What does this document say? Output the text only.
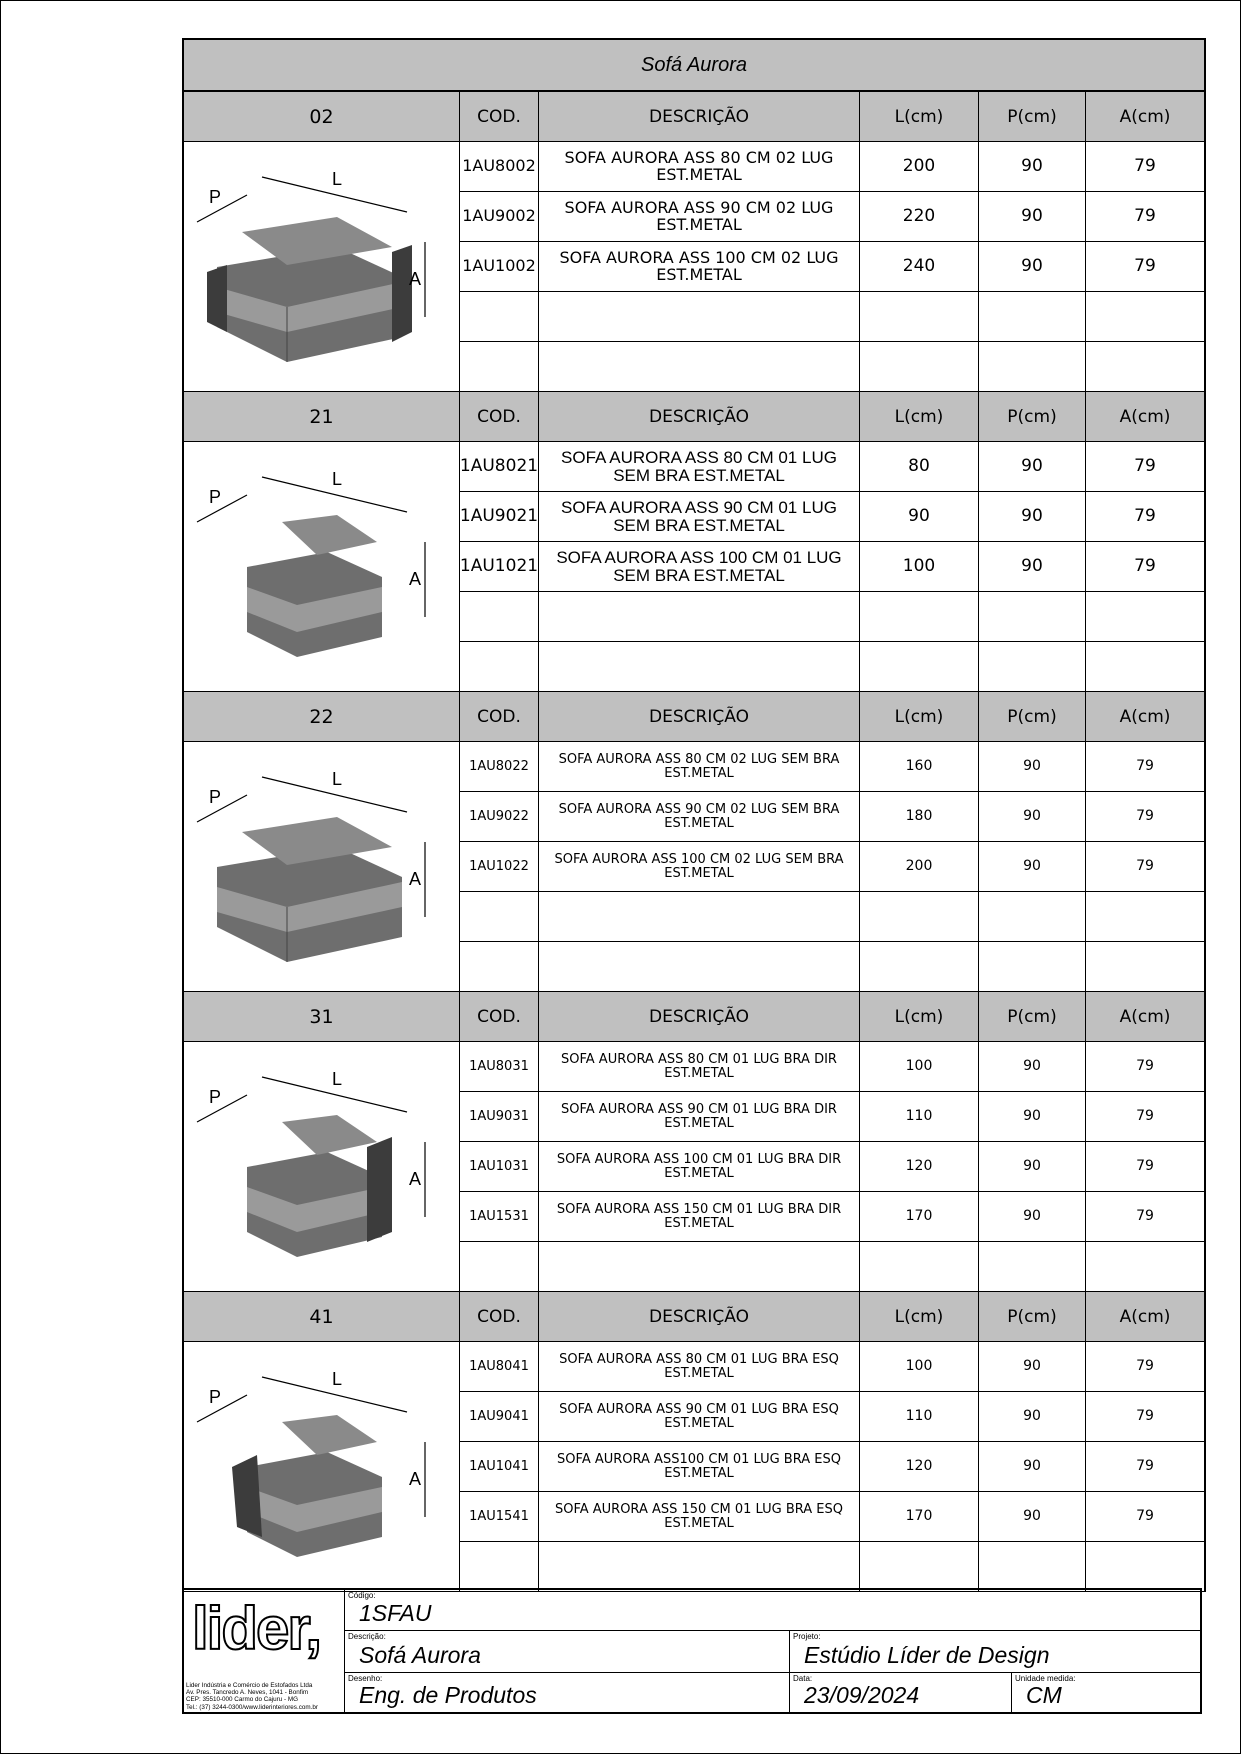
Sofá Aurora
02	COD.	DESCRIÇÃO	L(cm)	P(cm)	A(cm)
L
P
A
1AU8002	SOFA AURORA ASS 80 CM 02 LUG EST.METAL	200	90	79
1AU9002	SOFA AURORA ASS 90 CM 02 LUG EST.METAL	220	90	79
1AU1002	SOFA AURORA ASS 100 CM 02 LUG EST.METAL	240	90	79
21	COD.	DESCRIÇÃO	L(cm)	P(cm)	A(cm)
L
P
A
1AU8021	SOFA AURORA ASS 80 CM 01 LUG SEM BRA EST.METAL	80	90	79
1AU9021	SOFA AURORA ASS 90 CM 01 LUG SEM BRA EST.METAL	90	90	79
1AU1021	SOFA AURORA ASS 100 CM 01 LUG SEM BRA EST.METAL	100	90	79
22	COD.	DESCRIÇÃO	L(cm)	P(cm)	A(cm)
L
P
A
1AU8022	SOFA AURORA ASS 80 CM 02 LUG SEM BRA EST.METAL	160	90	79
1AU9022	SOFA AURORA ASS 90 CM 02 LUG SEM BRA EST.METAL	180	90	79
1AU1022	SOFA AURORA ASS 100 CM 02 LUG SEM BRA EST.METAL	200	90	79
31	COD.	DESCRIÇÃO	L(cm)	P(cm)	A(cm)
L
P
A
1AU8031	SOFA AURORA ASS 80 CM 01 LUG BRA DIR EST.METAL	100	90	79
1AU9031	SOFA AURORA ASS 90 CM 01 LUG BRA DIR EST.METAL	110	90	79
1AU1031	SOFA AURORA ASS 100 CM 01 LUG BRA DIR EST.METAL	120	90	79
1AU1531	SOFA AURORA ASS 150 CM 01 LUG BRA DIR EST.METAL	170	90	79
41	COD.	DESCRIÇÃO	L(cm)	P(cm)	A(cm)
L
P
A
1AU8041	SOFA AURORA ASS 80 CM 01 LUG BRA ESQ EST.METAL	100	90	79
1AU9041	SOFA AURORA ASS 90 CM 01 LUG BRA ESQ EST.METAL	110	90	79
1AU1041	SOFA AURORA ASS100 CM 01 LUG BRA ESQ EST.METAL	120	90	79
1AU1541	SOFA AURORA ASS 150 CM 01 LUG BRA ESQ EST.METAL	170	90	79
lider,
Lider Indústria e Comércio de Estofados Ltda
Av. Pres. Tancredo A. Neves, 1041 - Bonfim
CEP: 35510-000 Carmo do Cajuru - MG
Tel.: (37) 3244-0300/www.liderinteriores.com.br
Código:
1SFAU
Descrição:
Sofá Aurora
Projeto:
Estúdio Líder de Design
Desenho:
Eng. de Produtos
Data:
23/09/2024
Unidade medida:
CM
